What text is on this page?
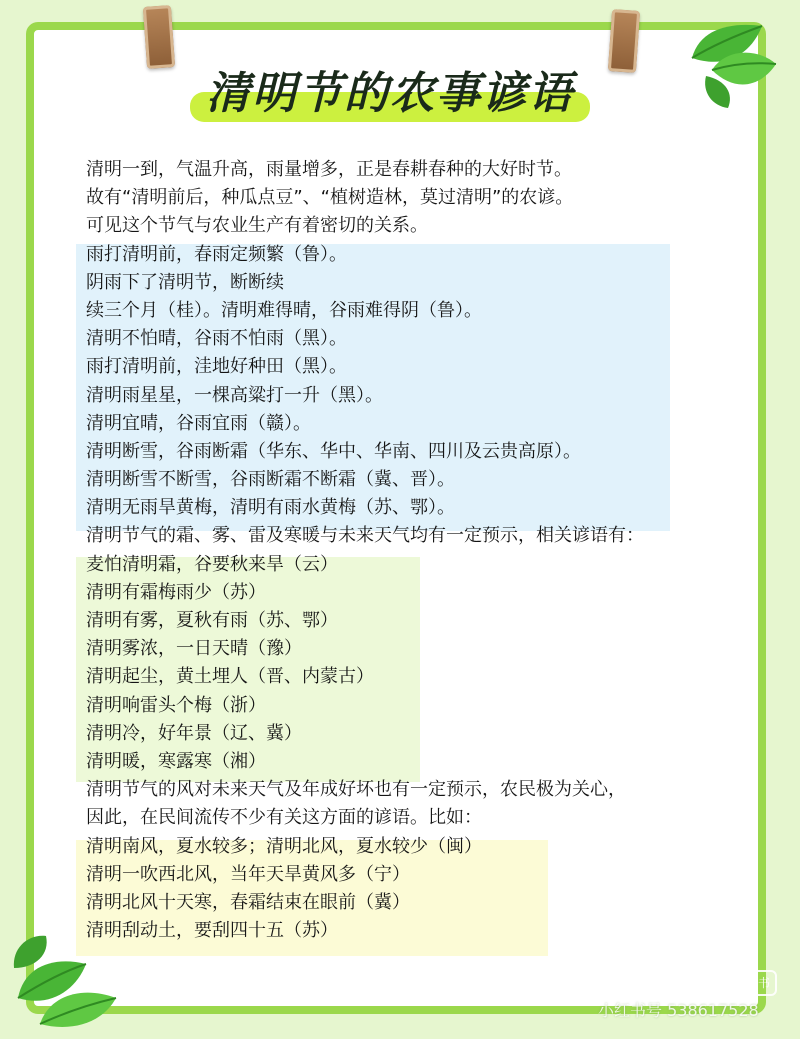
清明节的农事谚语
清明一到，气温升高，雨量增多，正是春耕春种的大好时节。
故有“清明前后，种瓜点豆”、“植树造林，莫过清明”的农谚。
可见这个节气与农业生产有着密切的关系。
雨打清明前，春雨定频繁（鲁）。
阴雨下了清明节，断断续
续三个月（桂）。清明难得晴，谷雨难得阴（鲁）。
清明不怕晴，谷雨不怕雨（黑）。
雨打清明前，洼地好种田（黑）。
清明雨星星，一棵高粱打一升（黑）。
清明宜晴，谷雨宜雨（赣）。
清明断雪，谷雨断霜（华东、华中、华南、四川及云贵高原）。
清明断雪不断雪，谷雨断霜不断霜（冀、晋）。
清明无雨旱黄梅，清明有雨水黄梅（苏、鄂）。
清明节气的霜、雾、雷及寒暖与未来天气均有一定预示，相关谚语有：
麦怕清明霜，谷要秋来旱（云）
清明有霜梅雨少（苏）
清明有雾，夏秋有雨（苏、鄂）
清明雾浓，一日天晴（豫）
清明起尘，黄土埋人（晋、内蒙古）
清明响雷头个梅（浙）
清明冷，好年景（辽、冀）
清明暖，寒露寒（湘）
清明节气的风对未来天气及年成好坏也有一定预示，农民极为关心，
因此，在民间流传不少有关这方面的谚语。比如：
清明南风，夏水较多；清明北风，夏水较少（闽）
清明一吹西北风，当年天旱黄风多（宁）
清明北风十天寒，春霜结束在眼前（冀）
清明刮动土，要刮四十五（苏）
小红书
小红书号 538617528
